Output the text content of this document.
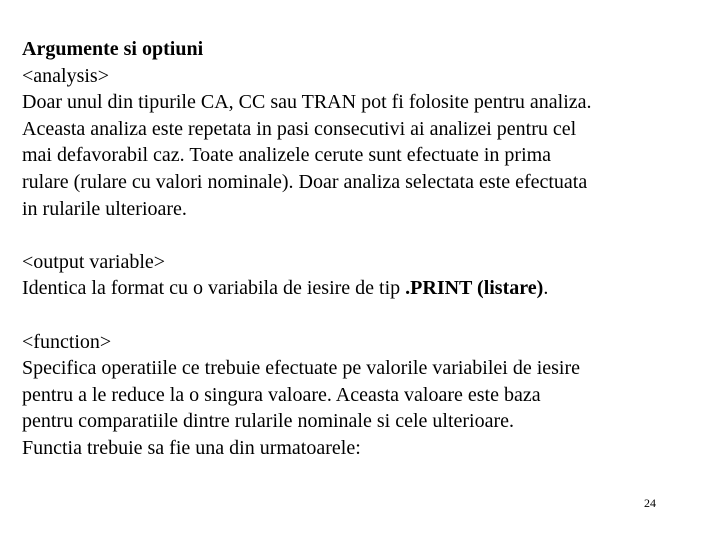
Argumente si optiuni
<analysis>
Doar unul din tipurile CA, CC sau TRAN pot fi folosite pentru analiza.
Aceasta analiza este repetata in pasi consecutivi ai analizei pentru cel
mai defavorabil caz. Toate analizele cerute sunt efectuate in prima
rulare (rulare cu valori nominale). Doar analiza selectata este efectuata
in rularile ulterioare.
<output variable>
Identica la format cu o variabila de iesire de tip .PRINT (listare).
<function>
Specifica operatiile ce trebuie efectuate pe valorile variabilei de iesire
pentru a le reduce la o singura valoare. Aceasta valoare este baza
pentru comparatiile dintre rularile nominale si cele ulterioare.
Functia trebuie sa fie una din urmatoarele:
24
